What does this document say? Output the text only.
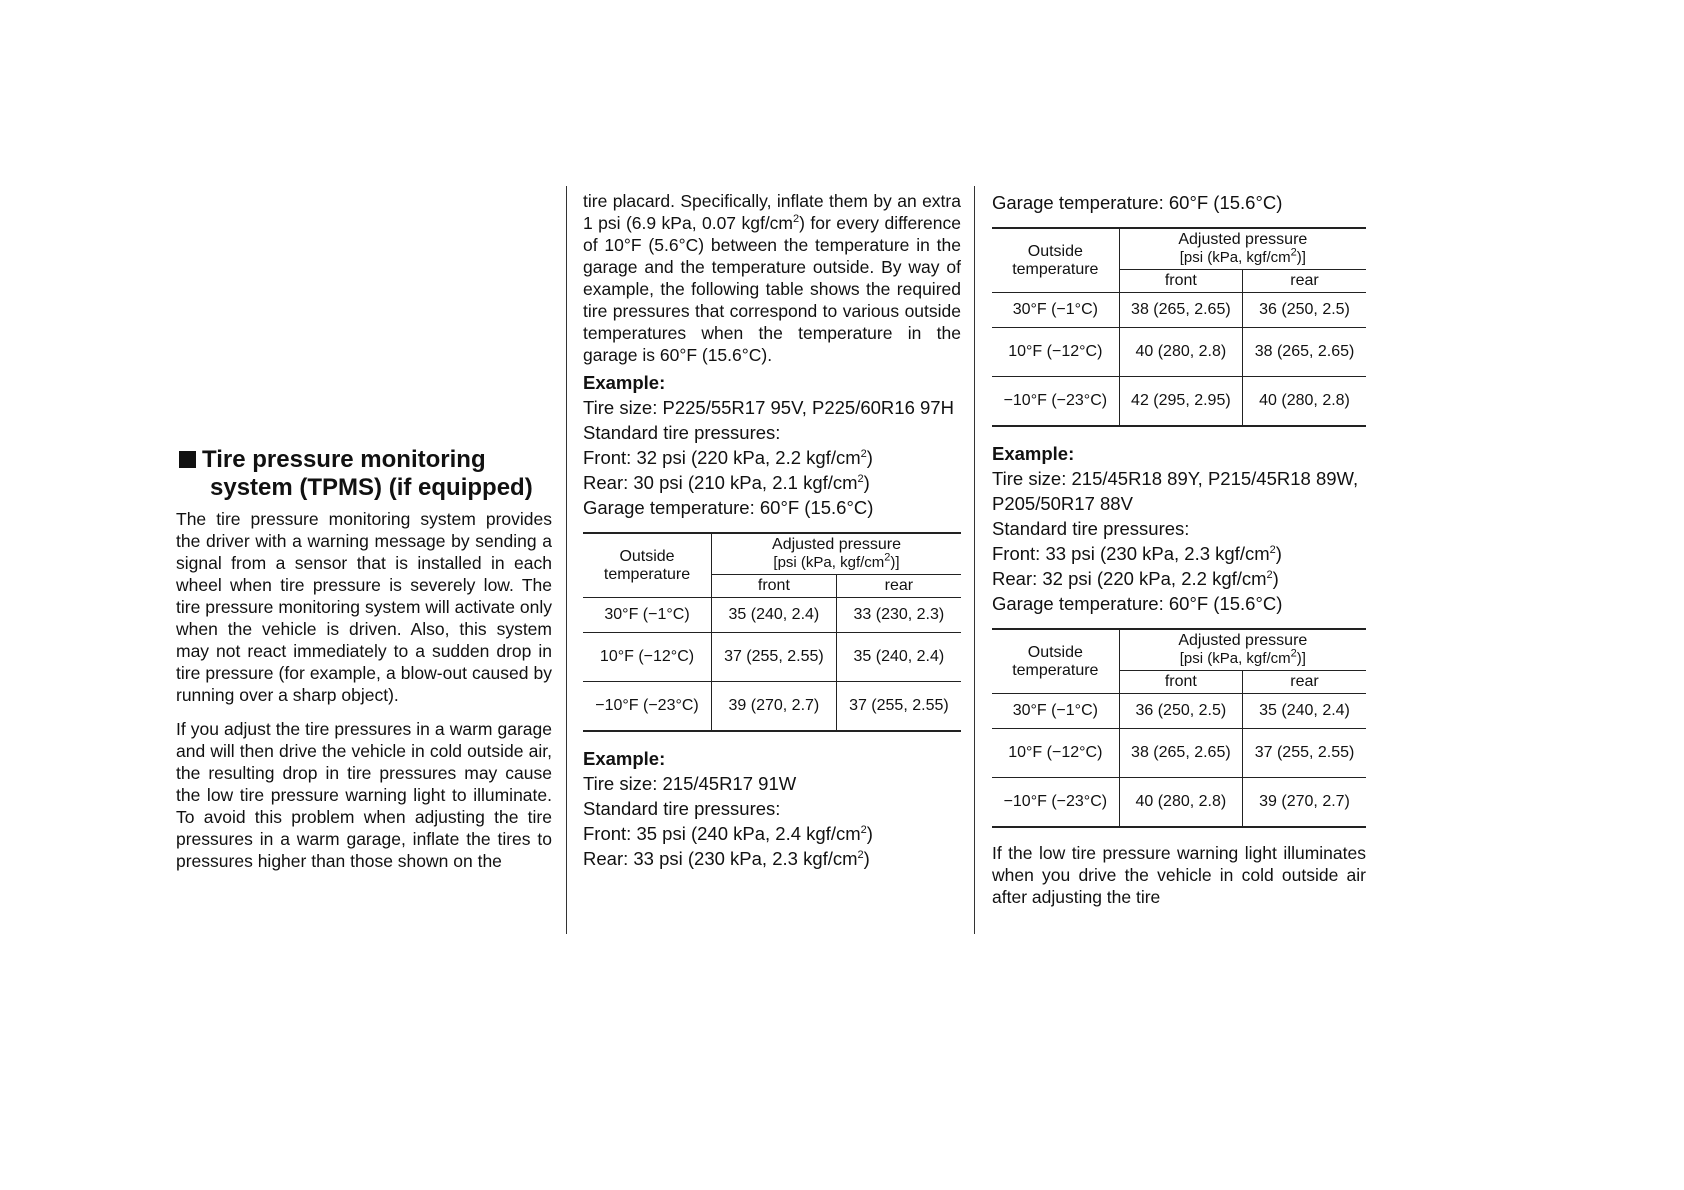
Tire pressure monitoring
system (TPMS) (if equipped)

The tire pressure monitoring system provides the driver with a warning message by sending a signal from a sensor that is installed in each wheel when tire pressure is severely low. The tire pressure monitoring system will activate only when the vehicle is driven. Also, this system may not react immediately to a sudden drop in tire pressure (for example, a blow-out caused by running over a sharp object).

If you adjust the tire pressures in a warm garage and will then drive the vehicle in cold outside air, the resulting drop in tire pressures may cause the low tire pressure warning light to illuminate. To avoid this problem when adjusting the tire pressures in a warm garage, inflate the tires to pressures higher than those shown on the

tire placard. Specifically, inflate them by an extra 1 psi (6.9 kPa, 0.07 kgf/$cm^2$) for every difference of 10°F (5.6°C) between the temperature in the garage and the temperature outside. By way of example, the following table shows the required tire pressures that correspond to various outside temperatures when the temperature in the garage is 60°F (15.6°C).

Example:
Tire size: P225/55R17 95V, P225/60R16 97H
Standard tire pressures:
Front: 32 psi (220 kPa, 2.2 kgf/$cm^2$)
Rear: 30 psi (210 kPa, 2.1 kgf/$cm^2$)
Garage temperature: 60°F (15.6°C)
Outside temperature	Adjusted pressure
[psi (kPa, kgf/$cm^2$)]	
	front	rear
30°F (−1°C)	35 (240, 2.4)	33 (230, 2.3)
10°F (−12°C)	37 (255, 2.55)	35 (240, 2.4)
−10°F (−23°C)	39 (270, 2.7)	37 (255, 2.55)
Example:
Tire size: 215/45R17 91W
Standard tire pressures:
Front: 35 psi (240 kPa, 2.4 kgf/$cm^2$)
Rear: 33 psi (230 kPa, 2.3 kgf/$cm^2$)
Garage temperature: 60°F (15.6°C)
Outside temperature	Adjusted pressure
[psi (kPa, kgf/$cm^2$)]	
	front	rear
30°F (−1°C)	38 (265, 2.65)	36 (250, 2.5)
10°F (−12°C)	40 (280, 2.8)	38 (265, 2.65)
−10°F (−23°C)	42 (295, 2.95)	40 (280, 2.8)
Example:
Tire size: 215/45R18 89Y, P215/45R18 89W, P205/50R17 88V
Standard tire pressures:
Front: 33 psi (230 kPa, 2.3 kgf/$cm^2$)
Rear: 32 psi (220 kPa, 2.2 kgf/$cm^2$)
Garage temperature: 60°F (15.6°C)
Outside temperature	Adjusted pressure
[psi (kPa, kgf/$cm^2$)]	
	front	rear
30°F (−1°C)	36 (250, 2.5)	35 (240, 2.4)
10°F (−12°C)	38 (265, 2.65)	37 (255, 2.55)
−10°F (−23°C)	40 (280, 2.8)	39 (270, 2.7)

If the low tire pressure warning light illuminates when you drive the vehicle in cold outside air after adjusting the tire
